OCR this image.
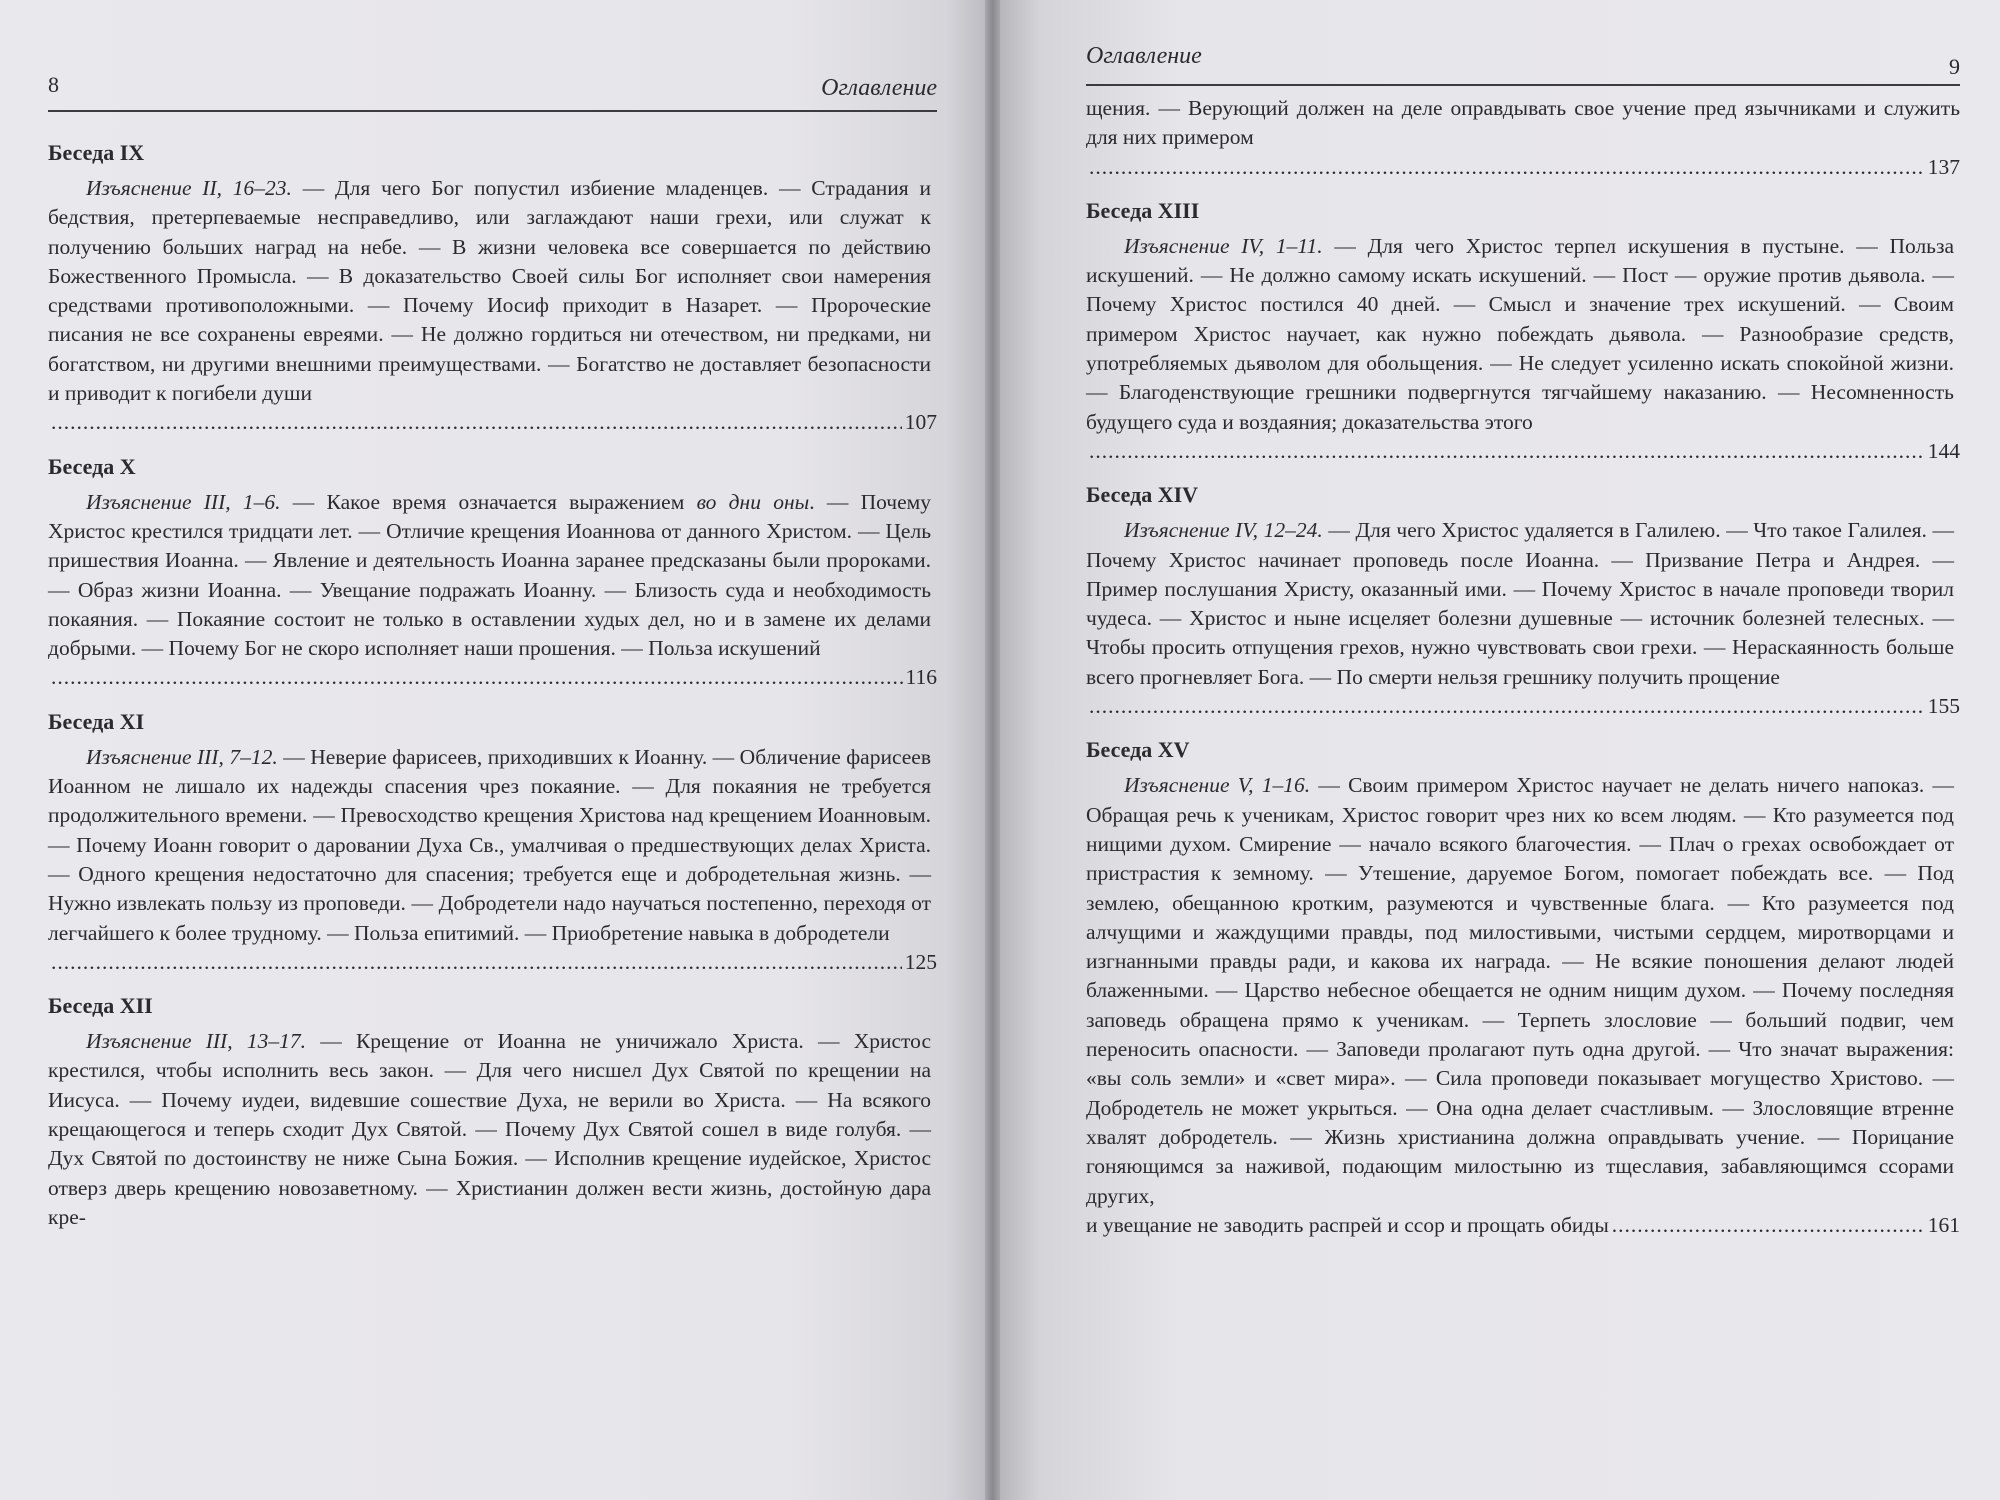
8	Оглавление
Беседа IX

Изъяснение II, 16–23. — Для чего Бог попустил избиение младенцев. — Страдания и бедствия, претерпеваемые несправедливо, или заглаждают наши грехи, или служат к получению больших наград на небе. — В жизни человека все совершается по действию Божественного Промысла. — В доказательство Своей силы Бог исполняет свои намерения средствами противоположными. — Почему Иосиф приходит в Назарет. — Пророческие писания не все сохранены евреями. — Не должно гордиться ни отечеством, ни предками, ни богатством, ни другими внешними преимуществами. — Богатство не доставляет безопасности и приводит к погибели души

.....
107
Беседа X

Изъяснение III, 1–6. — Какое время означается выражением во дни оны. — Почему Христос крестился тридцати лет. — Отличие крещения Иоаннова от данного Христом. — Цель пришествия Иоанна. — Явление и деятельность Иоанна заранее предсказаны были пророками. — Образ жизни Иоанна. — Увещание подражать Иоанну. — Близость суда и необходимость покаяния. — Покаяние состоит не только в оставлении худых дел, но и в замене их делами добрыми. — Почему Бог не скоро исполняет наши прошения. — Польза искушений

.....
116
Беседа XI

Изъяснение III, 7–12. — Неверие фарисеев, приходивших к Иоанну. — Обличение фарисеев Иоанном не лишало их надежды спасения чрез покаяние. — Для покаяния не требуется продолжительного времени. — Превосходство крещения Христова над крещением Иоанновым. — Почему Иоанн говорит о даровании Духа Св., умалчивая о предшествующих делах Христа. — Одного крещения недостаточно для спасения; требуется еще и добродетельная жизнь. — Нужно извлекать пользу из проповеди. — Добродетели надо научаться постепенно, переходя от легчайшего к более трудному. — Польза епитимий. — Приобретение навыка в добродетели

.....
125
Беседа XII

Изъяснение III, 13–17. — Крещение от Иоанна не уничижало Христа. — Христос крестился, чтобы исполнить весь закон. — Для чего нисшел Дух Святой по крещении на Иисуса. — Почему иудеи, видевшие сошествие Духа, не верили во Христа. — На всякого крещающегося и теперь сходит Дух Святой. — Почему Дух Святой сошел в виде голубя. — Дух Святой по достоинству не ниже Сына Божия. — Исполнив крещение иудейское, Христос отверз дверь крещению новозаветному. — Христианин должен вести жизнь, достойную дара кре-

Оглавление	9

щения. — Верующий должен на деле оправдывать свое учение пред язычниками и служить для них примером

.....
137
Беседа XIII

Изъяснение IV, 1–11. — Для чего Христос терпел искушения в пустыне. — Польза искушений. — Не должно самому искать искушений. — Пост — оружие против дьявола. — Почему Христос постился 40 дней. — Смысл и значение трех искушений. — Своим примером Христос научает, как нужно побеждать дьявола. — Разнообразие средств, употребляемых дьяволом для обольщения. — Не следует усиленно искать спокойной жизни. — Благоденствующие грешники подвергнутся тягчайшему наказанию. — Несомненность будущего суда и воздаяния; доказательства этого

.....
144
Беседа XIV

Изъяснение IV, 12–24. — Для чего Христос удаляется в Галилею. — Что такое Галилея. — Почему Христос начинает проповедь после Иоанна. — Призвание Петра и Андрея. — Пример послушания Христу, оказанный ими. — Почему Христос в начале проповеди творил чудеса. — Христос и ныне исцеляет болезни душевные — источник болезней телесных. — Чтобы просить отпущения грехов, нужно чувствовать свои грехи. — Нераскаянность больше всего прогневляет Бога. — По смерти нельзя грешнику получить прощение

.....
155
Беседа XV

Изъяснение V, 1–16. — Своим примером Христос научает не делать ничего напоказ. — Обращая речь к ученикам, Христос говорит чрез них ко всем людям. — Кто разумеется под нищими духом. Смирение — начало всякого благочестия. — Плач о грехах освобождает от пристрастия к земному. — Утешение, даруемое Богом, помогает побеждать все. — Под землею, обещанною кротким, разумеются и чувственные блага. — Кто разумеется под алчущими и жаждущими правды, под милостивыми, чистыми сердцем, миротворцами и изгнанными правды ради, и какова их награда. — Не всякие поношения делают людей блаженными. — Царство небесное обещается не одним нищим духом. — Почему последняя заповедь обращена прямо к ученикам. — Терпеть злословие — больший подвиг, чем переносить опасности. — Заповеди пролагают путь одна другой. — Что значат выражения: «вы соль земли» и «свет мира». — Сила проповеди показывает могущество Христово. — Добродетель не может укрыться. — Она одна делает счастливым. — Злословящие втренне хвалят добродетель. — Жизнь христианина должна оправдывать учение. — Порицание гоняющимся за наживой, подающим милостыню из тщеславия, забавляющимся ссорами других,

и увещание не заводить распрей и ссор и прощать обиды
.....	161
